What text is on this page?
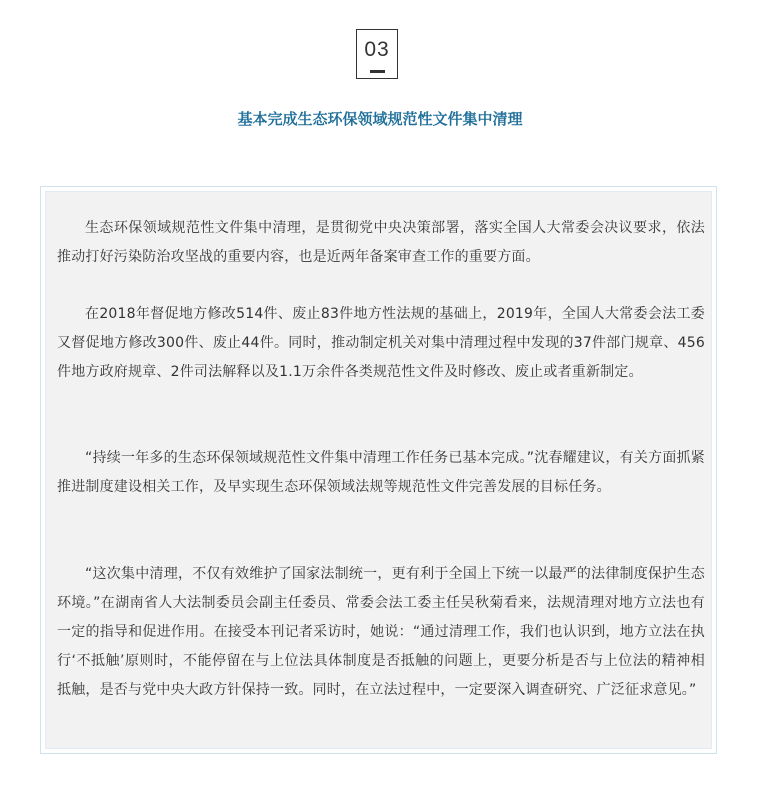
03
基本完成生态环保领域规范性文件集中清理

生态环保领域规范性文件集中清理，是贯彻党中央决策部署，落实全国人大常委会决议要求，依法推动打好污染防治攻坚战的重要内容，也是近两年备案审查工作的重要方面。

在2018年督促地方修改514件、废止83件地方性法规的基础上，2019年，全国人大常委会法工委又督促地方修改300件、废止44件。同时，推动制定机关对集中清理过程中发现的37件部门规章、456件地方政府规章、2件司法解释以及1.1万余件各类规范性文件及时修改、废止或者重新制定。

“持续一年多的生态环保领域规范性文件集中清理工作任务已基本完成。”沈春耀建议，有关方面抓紧推进制度建设相关工作，及早实现生态环保领域法规等规范性文件完善发展的目标任务。

“这次集中清理，不仅有效维护了国家法制统一，更有利于全国上下统一以最严的法律制度保护生态环境。”在湖南省人大法制委员会副主任委员、常委会法工委主任吴秋菊看来，法规清理对地方立法也有一定的指导和促进作用。在接受本刊记者采访时，她说：“通过清理工作，我们也认识到，地方立法在执行‘不抵触’原则时，不能停留在与上位法具体制度是否抵触的问题上，更要分析是否与上位法的精神相抵触，是否与党中央大政方针保持一致。同时，在立法过程中，一定要深入调查研究、广泛征求意见。”
